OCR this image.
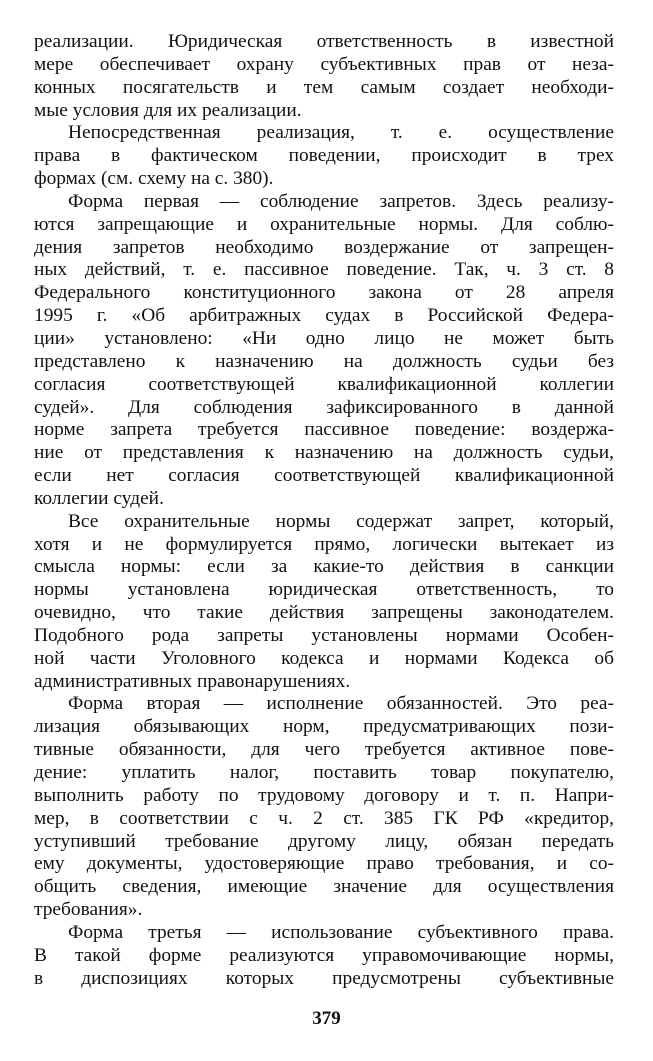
реализации. Юридическая ответственность в известной
мере обеспечивает охрану субъективных прав от неза-
конных посягательств и тем самым создает необходи-
мые условия для их реализации.
Непосредственная реализация, т. е. осуществление
права в фактическом поведении, происходит в трех
формах (см. схему на с. 380).
Форма первая — соблюдение запретов. Здесь реализу-
ются запрещающие и охранительные нормы. Для соблю-
дения запретов необходимо воздержание от запрещен-
ных действий, т. е. пассивное поведение. Так, ч. 3 ст. 8
Федерального конституционного закона от 28 апреля
1995 г. «Об арбитражных судах в Российской Федера-
ции» установлено: «Ни одно лицо не может быть
представлено к назначению на должность судьи без
согласия соответствующей квалификационной коллегии
судей». Для соблюдения зафиксированного в данной
норме запрета требуется пассивное поведение: воздержа-
ние от представления к назначению на должность судьи,
если нет согласия соответствующей квалификационной
коллегии судей.
Все охранительные нормы содержат запрет, который,
хотя и не формулируется прямо, логически вытекает из
смысла нормы: если за какие-то действия в санкции
нормы установлена юридическая ответственность, то
очевидно, что такие действия запрещены законодателем.
Подобного рода запреты установлены нормами Особен-
ной части Уголовного кодекса и нормами Кодекса об
административных правонарушениях.
Форма вторая — исполнение обязанностей. Это реа-
лизация обязывающих норм, предусматривающих пози-
тивные обязанности, для чего требуется активное пове-
дение: уплатить налог, поставить товар покупателю,
выполнить работу по трудовому договору и т. п. Напри-
мер, в соответствии с ч. 2 ст. 385 ГК РФ «кредитор,
уступивший требование другому лицу, обязан передать
ему документы, удостоверяющие право требования, и со-
общить сведения, имеющие значение для осуществления
требования».
Форма третья — использование субъективного права.
В такой форме реализуются управомочивающие нормы,
в диспозициях которых предусмотрены субъективные
379
